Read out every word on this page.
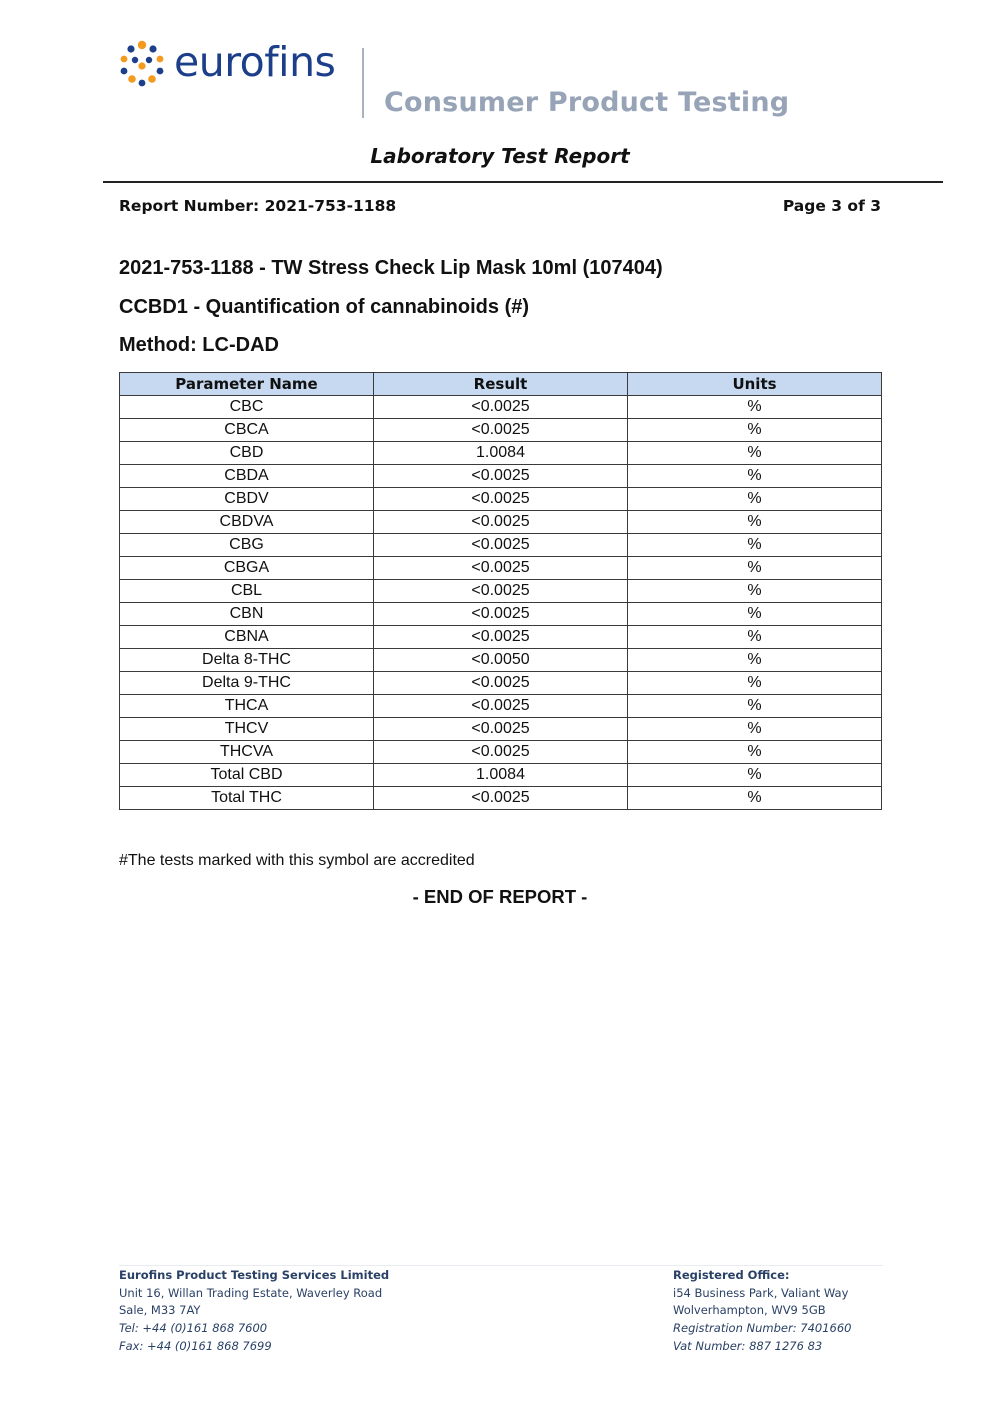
eurofins
Consumer Product Testing
Laboratory Test Report
Report Number: 2021-753-1188	Page 3 of 3
2021-753-1188 - TW Stress Check Lip Mask 10ml (107404)
CCBD1 - Quantification of cannabinoids (#)
Method: LC-DAD
Parameter Name	Result	Units
CBC	<0.0025	%
CBCA	<0.0025	%
CBD	1.0084	%
CBDA	<0.0025	%
CBDV	<0.0025	%
CBDVA	<0.0025	%
CBG	<0.0025	%
CBGA	<0.0025	%
CBL	<0.0025	%
CBN	<0.0025	%
CBNA	<0.0025	%
Delta 8-THC	<0.0050	%
Delta 9-THC	<0.0025	%
THCA	<0.0025	%
THCV	<0.0025	%
THCVA	<0.0025	%
Total CBD	1.0084	%
Total THC	<0.0025	%
#The tests marked with this symbol are accredited
- END OF REPORT -
Eurofins Product Testing Services Limited
Unit 16, Willan Trading Estate, Waverley Road
Sale, M33 7AY
Tel: +44 (0)161 868 7600
Fax: +44 (0)161 868 7699
Registered Office:
i54 Business Park, Valiant Way
Wolverhampton, WV9 5GB
Registration Number: 7401660
Vat Number: 887 1276 83
